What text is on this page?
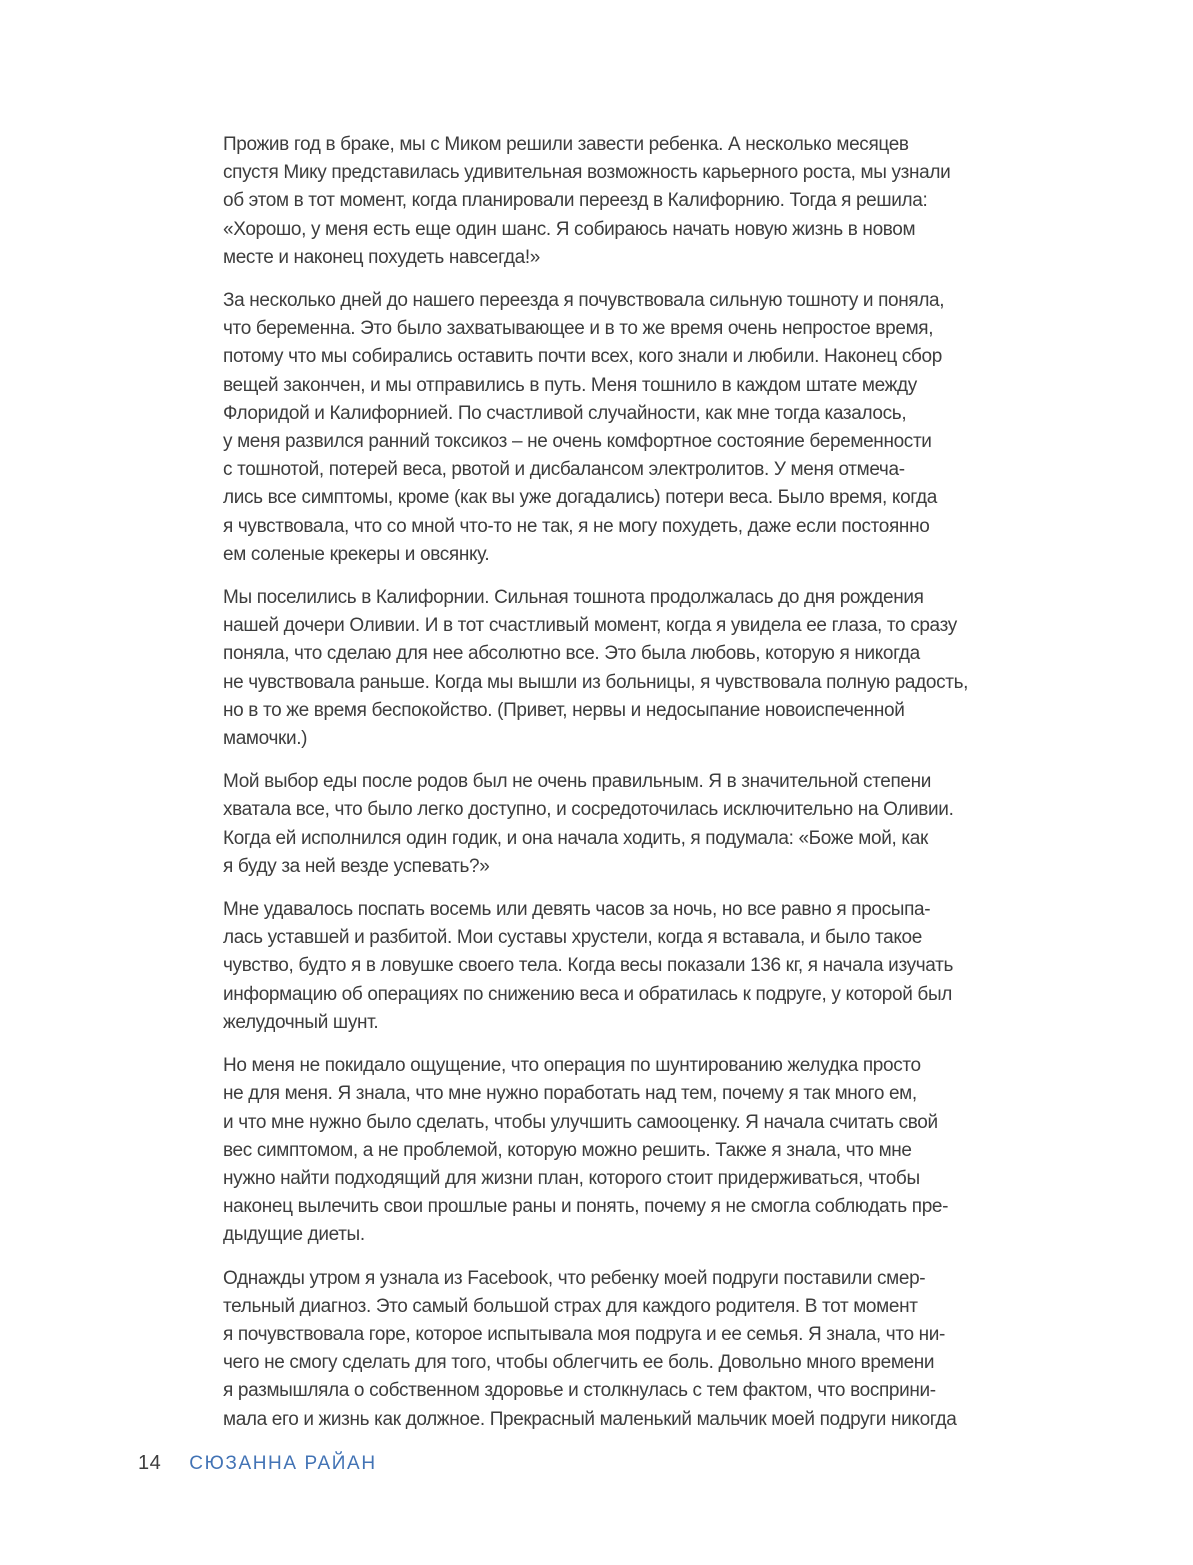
Прожив год в браке, мы с Миком решили завести ребенка. А несколько месяцев
спустя Мику представилась удивительная возможность карьерного роста, мы узнали
об этом в тот момент, когда планировали переезд в Калифорнию. Тогда я решила:
«Хорошо, у меня есть еще один шанс. Я собираюсь начать новую жизнь в новом
месте и наконец похудеть навсегда!»
За несколько дней до нашего переезда я почувствовала сильную тошноту и поняла,
что беременна. Это было захватывающее и в то же время очень непростое время,
потому что мы собирались оставить почти всех, кого знали и любили. Наконец сбор
вещей закончен, и мы отправились в путь. Меня тошнило в каждом штате между
Флоридой и Калифорнией. По счастливой случайности, как мне тогда казалось,
у меня развился ранний токсикоз – не очень комфортное состояние беременности
с тошнотой, потерей веса, рвотой и дисбалансом электролитов. У меня отмеча-
лись все симптомы, кроме (как вы уже догадались) потери веса. Было время, когда
я чувствовала, что со мной что-то не так, я не могу похудеть, даже если постоянно
ем соленые крекеры и овсянку.
Мы поселились в Калифорнии. Сильная тошнота продолжалась до дня рождения
нашей дочери Оливии. И в тот счастливый момент, когда я увидела ее глаза, то сразу
поняла, что сделаю для нее абсолютно все. Это была любовь, которую я никогда
не чувствовала раньше. Когда мы вышли из больницы, я чувствовала полную радость,
но в то же время беспокойство. (Привет, нервы и недосыпание новоиспеченной
мамочки.)
Мой выбор еды после родов был не очень правильным. Я в значительной степени
хватала все, что было легко доступно, и сосредоточилась исключительно на Оливии.
Когда ей исполнился один годик, и она начала ходить, я подумала: «Боже мой, как
я буду за ней везде успевать?»
Мне удавалось поспать восемь или девять часов за ночь, но все равно я просыпа-
лась уставшей и разбитой. Мои суставы хрустели, когда я вставала, и было такое
чувство, будто я в ловушке своего тела. Когда весы показали 136 кг, я начала изучать
информацию об операциях по снижению веса и обратилась к подруге, у которой был
желудочный шунт.
Но меня не покидало ощущение, что операция по шунтированию желудка просто
не для меня. Я знала, что мне нужно поработать над тем, почему я так много ем,
и что мне нужно было сделать, чтобы улучшить самооценку. Я начала считать свой
вес симптомом, а не проблемой, которую можно решить. Также я знала, что мне
нужно найти подходящий для жизни план, которого стоит придерживаться, чтобы
наконец вылечить свои прошлые раны и понять, почему я не смогла соблюдать пре-
дыдущие диеты.
Однажды утром я узнала из Facebook, что ребенку моей подруги поставили смер-
тельный диагноз. Это самый большой страх для каждого родителя. В тот момент
я почувствовала горе, которое испытывала моя подруга и ее семья. Я знала, что ни-
чего не смогу сделать для того, чтобы облегчить ее боль. Довольно много времени
я размышляла о собственном здоровье и столкнулась с тем фактом, что восприни-
мала его и жизнь как должное. Прекрасный маленький мальчик моей подруги никогда
14 СЮЗАННА РАЙАН
